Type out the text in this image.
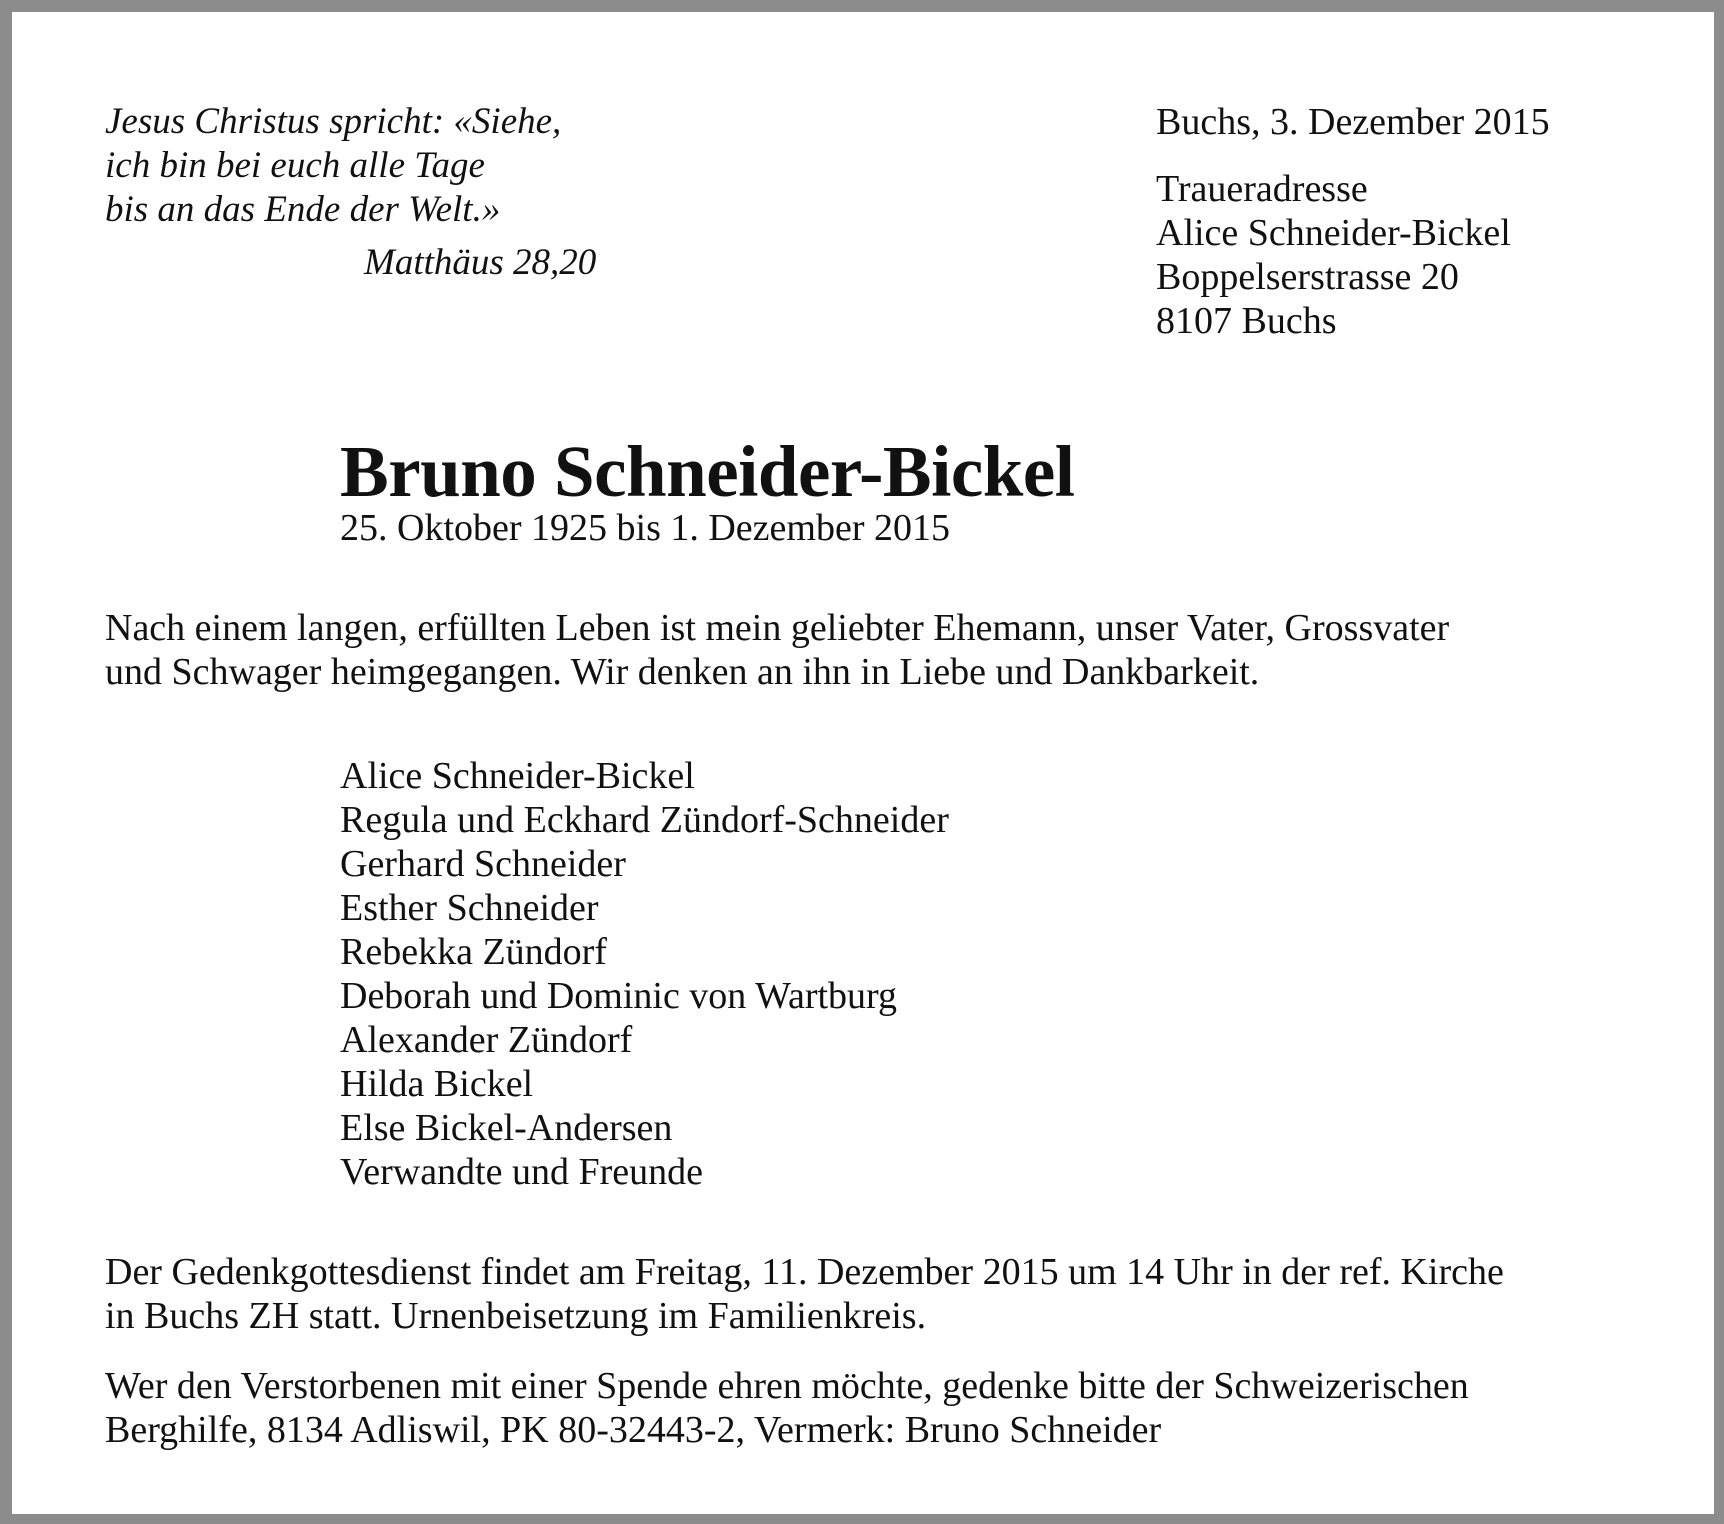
Jesus Christus spricht: «Siehe,
ich bin bei euch alle Tage
bis an das Ende der Welt.»
Matthäus 28,20
Buchs, 3. Dezember 2015
Traueradresse
Alice Schneider-Bickel
Boppelserstrasse 20
8107 Buchs
Bruno Schneider-Bickel
25. Oktober 1925 bis 1. Dezember 2015
Nach einem langen, erfüllten Leben ist mein geliebter Ehemann, unser Vater, Grossvater
und Schwager heimgegangen. Wir denken an ihn in Liebe und Dankbarkeit.
Alice Schneider-Bickel
Regula und Eckhard Zündorf-Schneider
Gerhard Schneider
Esther Schneider
Rebekka Zündorf
Deborah und Dominic von Wartburg
Alexander Zündorf
Hilda Bickel
Else Bickel-Andersen
Verwandte und Freunde
Der Gedenkgottesdienst findet am Freitag, 11. Dezember 2015 um 14 Uhr in der ref. Kirche
in Buchs ZH statt. Urnenbeisetzung im Familienkreis.
Wer den Verstorbenen mit einer Spende ehren möchte, gedenke bitte der Schweizerischen
Berghilfe, 8134 Adliswil, PK 80-32443-2, Vermerk: Bruno Schneider
